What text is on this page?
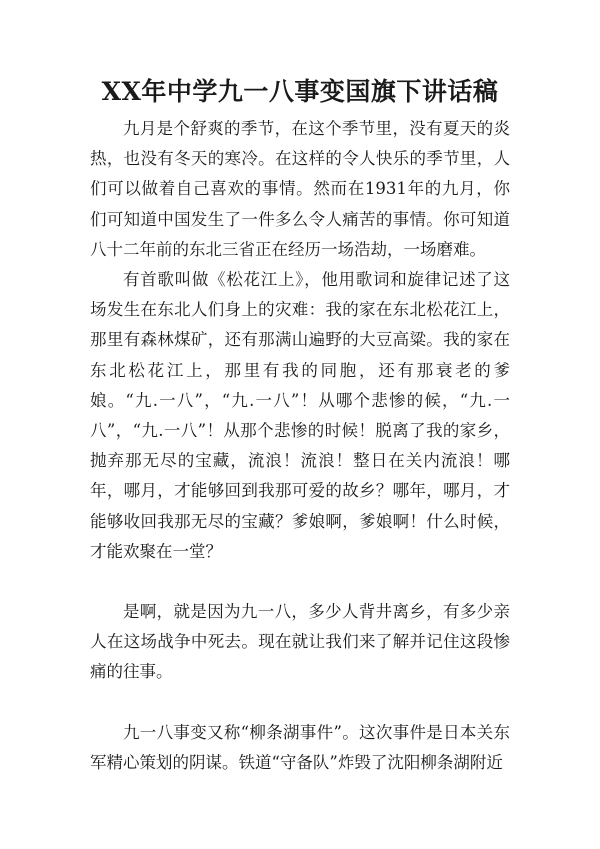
XX年中学九一八事变国旗下讲话稿

九月是个舒爽的季节，在这个季节里，没有夏天的炎热，也没有冬天的寒冷。在这样的令人快乐的季节里，人们可以做着自己喜欢的事情。然而在1931年的九月，你们可知道中国发生了一件多么令人痛苦的事情。你可知道八十二年前的东北三省正在经历一场浩劫，一场磨难。

有首歌叫做《松花江上》，他用歌词和旋律记述了这场发生在东北人们身上的灾难：我的家在东北松花江上，那里有森林煤矿，还有那满山遍野的大豆高粱。我的家在东北松花江上，那里有我的同胞，还有那衰老的爹娘。“九.一八”，“九.一八”！从哪个悲惨的候，“九.一八”，“九.一八”！从那个悲惨的时候！脱离了我的家乡，抛弃那无尽的宝藏，流浪！流浪！整日在关内流浪！哪年，哪月，才能够回到我那可爱的故乡？哪年，哪月，才能够收回我那无尽的宝藏？爹娘啊，爹娘啊！什么时候，才能欢聚在一堂？

是啊，就是因为九一八，多少人背井离乡，有多少亲人在这场战争中死去。现在就让我们来了解并记住这段惨痛的往事。

九一八事变又称“柳条湖事件”。这次事件是日本关东军精心策划的阴谋。铁道“守备队”炸毁了沈阳柳条湖附近
